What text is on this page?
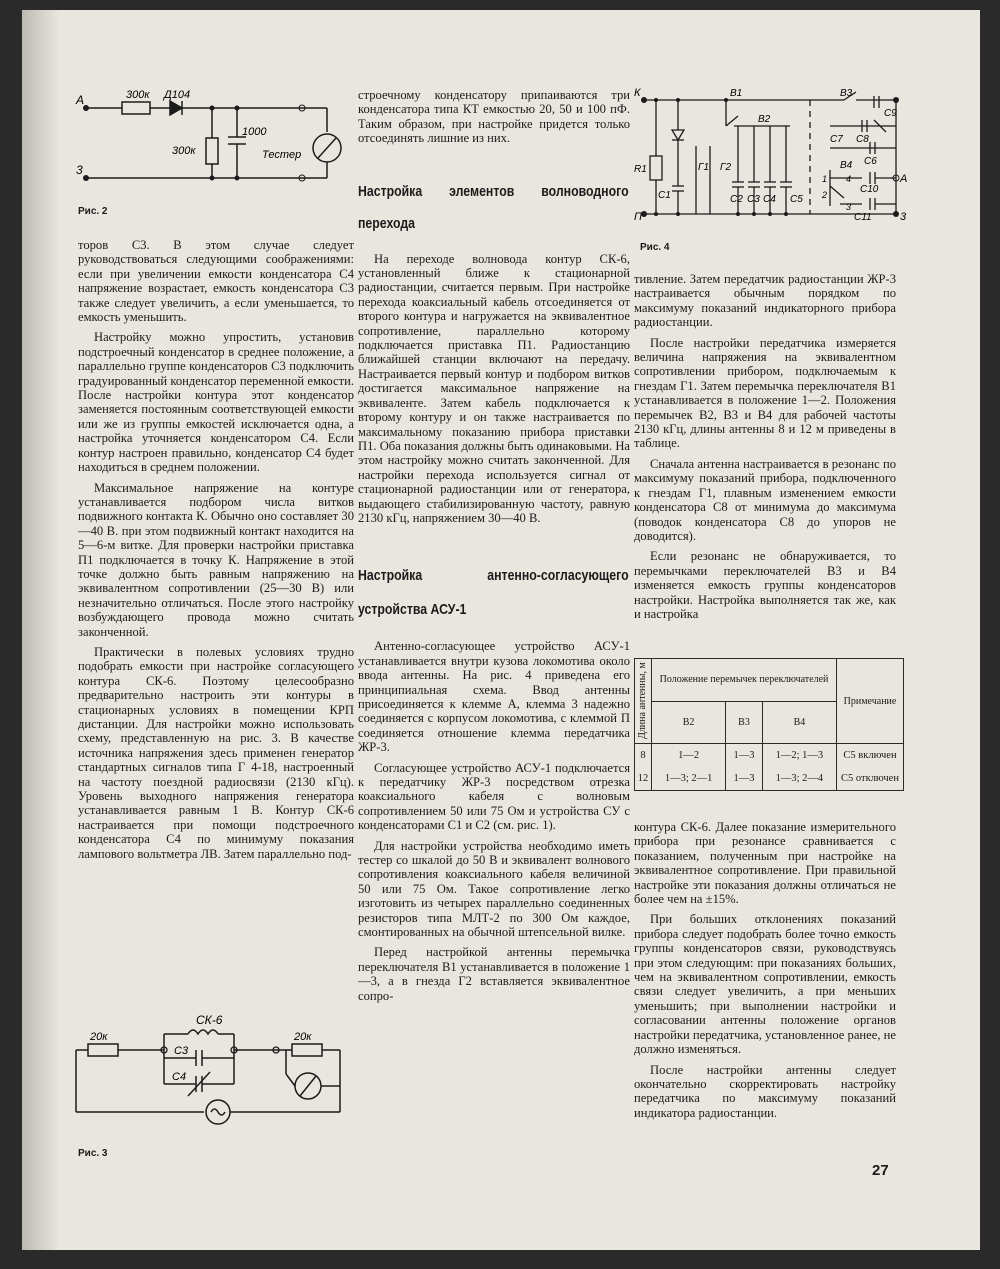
А	300к Д104
300к
1000
Тестер
3
Рис. 2

торов С3. В этом случае следует руководствоваться следующими соображениями: если при увеличении емкости конденсатора С4 напряжение возрастает, емкость конденсатора С3 также следует увеличить, а если уменьшается, то емкость уменьшить.

Настройку можно упростить, установив подстроечный конденсатор в среднее положение, а параллельно группе конденсаторов С3 подключить градуированный конденсатор переменной емкости. После настройки контура этот конденсатор заменяется постоянным соответствующей емкости или же из группы емкостей исключается одна, а настройка уточняется конденсатором С4. Если контур настроен правильно, конденсатор С4 будет находиться в среднем положении.

Максимальное напряжение на контуре устанавливается подбором числа витков подвижного контакта К. Обычно оно составляет 30—40 В. при этом подвижный контакт находится на 5—6-м витке. Для проверки настройки приставка П1 подключается в точку К. Напряжение в этой точке должно быть равным напряжению на эквивалентном сопротивлении (25—30 В) или незначительно отличаться. После этого настройку возбуждающего провода можно считать законченной.

Практически в полевых условиях трудно подобрать емкости при настройке согласующего контура СК-6. Поэтому целесообразно предварительно настроить эти контуры в стационарных условиях в помещении КРП дистанции. Для настройки можно использовать схему, представленную на рис. 3. В качестве источника напряжения здесь применен генератор стандартных сигналов типа Г 4-18, настроенный на частоту поездной радиосвязи (2130 кГц). Уровень выходного напряжения генератора устанавливается равным 1 В. Контур СК-6 настраивается при помощи подстроечного конденсатора С4 по минимуму показания лампового вольтметра ЛВ. Затем параллельно под-

СК-6
20к
С3
С4
20к
Рис. 3

строечному конденсатору припаиваются три конденсатора типа КТ емкостью 20, 50 и 100 пФ. Таким образом, при настройке придется только отсоединять лишние из них.

Настройка элементов волноводного перехода

На переходе волновода контур СК-6, установленный ближе к стационарной радиостанции, считается первым. При настройке перехода коаксиальный кабель отсоединяется от второго контура и нагружается на эквивалентное сопротивление, параллельно которому подключается приставка П1. Радиостанцию ближайшей станции включают на передачу. Настраивается первый контур и подбором витков достигается максимальное напряжение на эквиваленте. Затем кабель подключается к второму контуру и он также настраивается по максимальному показанию прибора приставки П1. Оба показания должны быть одинаковыми. На этом настройку можно считать законченной. Для настройки перехода используется сигнал от стационарной радиостанции или от генератора, выдающего стабилизированную частоту, равную 2130 кГц, напряжением 30—40 В.

Настройка антенно-согласующего устройства АСУ-1

Антенно-согласующее устройство АСУ-1 устанавливается внутри кузова локомотива около ввода антенны. На рис. 4 приведена его принципиальная схема. Ввод антенны присоединяется к клемме А, клемма 3 надежно соединяется с корпусом локомотива, с клеммой П соединяется отношение клемма передатчика ЖР-3.

Согласующее устройство АСУ-1 подключается к передатчику ЖР-3 посредством отрезка коаксиального кабеля с волновым сопротивлением 50 или 75 Ом и устройства СУ с конденсаторами С1 и С2 (см. рис. 1).

Для настройки устройства необходимо иметь тестер со шкалой до 50 В и эквивалент волнового сопротивления коаксиального кабеля величиной 50 или 75 Ом. Такое сопротивление легко изготовить из четырех параллельно соединенных резисторов типа МЛТ-2 по 300 Ом каждое, смонтированных на обычной штепсельной вилке.

Перед настройкой антенны перемычка переключателя В1 устанавливается в положение 1—3, а в гнезда Г2 вставляется эквивалентное сопро-

К	В1
В2
В3
В4
R1
С1
Г1 Г2
С2 С3 С4 С5
С9
С7 С8
С6
С10
С11
А
П	3
1
2
3
4
Рис. 4

тивление. Затем передатчик радиостанции ЖР-3 настраивается обычным порядком по максимуму показаний индикаторного прибора радиостанции.

После настройки передатчика измеряется величина напряжения на эквивалентном сопротивлении прибором, подключаемым к гнездам Г1. Затем перемычка переключателя В1 устанавливается в положение 1—2. Положения перемычек В2, В3 и В4 для рабочей частоты 2130 кГц, длины антенны 8 и 12 м приведены в таблице.

Сначала антенна настраивается в резонанс по максимуму показаний прибора, подключенного к гнездам Г1, плавным изменением емкости конденсатора С8 от минимума до максимума (поводок конденсатора С8 до упоров не доводится).

Если резонанс не обнаруживается, то перемычками переключателей В3 и В4 изменяется емкость группы конденсаторов настройки. Настройка выполняется так же, как и настройка

Длина антенны, м	Положение перемычек переключателей			Примечание
	В2	В3	В4	
8	1—2	1—3	1—2; 1—3	С5 включен
12	1—3; 2—1	1—3	1—3; 2—4	С5 отключен

контура СК-6. Далее показание измерительного прибора при резонансе сравнивается с показанием, полученным при настройке на эквивалентное сопротивление. При правильной настройке эти показания должны отличаться не более чем на ±15%.

При больших отклонениях показаний прибора следует подобрать более точно емкость группы конденсаторов связи, руководствуясь при этом следующим: при показаниях больших, чем на эквивалентном сопротивлении, емкость связи следует увеличить, а при меньших уменьшить; при выполнении настройки и согласовании антенны положение органов настройки передатчика, установленное ранее, не должно изменяться.

После настройки антенны следует окончательно скорректировать настройку передатчика по максимуму показаний индикатора радиостанции.

27
